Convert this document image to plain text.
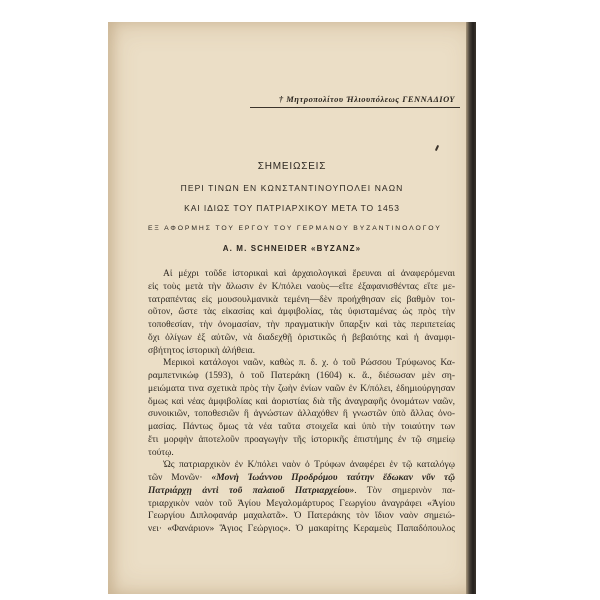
† Μητροπολίτου Ἡλιουπόλεως ΓΕΝΝΑΔΙΟΥ
ΣΗΜΕΙΩΣΕΙΣ
ΠΕΡΙ ΤΙΝΩΝ ΕΝ ΚΩΝΣΤΑΝΤΙΝΟΥΠΟΛΕΙ ΝΑΩΝ
ΚΑΙ ΙΔΙΩΣ ΤΟΥ ΠΑΤΡΙΑΡΧΙΚΟΥ ΜΕΤΑ ΤΟ 1453
ΕΞ ΑΦΟΡΜΗΣ ΤΟΥ ΕΡΓΟΥ ΤΟΥ ΓΕΡΜΑΝΟΥ ΒΥΖΑΝΤΙΝΟΛΟΓΟΥ
A. M. SCHNEIDER «ΒΥΖΑΝΖ»
Αἱ μέχρι τοῦδε ἱστορικαὶ καὶ ἀρχαιολογικαὶ ἔρευναι αἱ ἀναφερόμεναι
εἰς τοὺς μετὰ τὴν ἅλωσιν ἐν Κ/πόλει ναοὺς—εἴτε ἐξαφανισθέντας εἴτε με-
τατραπέντας εἰς μουσουλμανικὰ τεμένη—δὲν προήχθησαν εἰς βαθμὸν τοι-
οῦτον, ὥστε τὰς εἰκασίας καὶ ἀμφιβολίας, τὰς ὑφισταμένας ὡς πρὸς τὴν
τοποθεσίαν, τὴν ὀνομασίαν, τὴν πραγματικὴν ὕπαρξιν καὶ τὰς περιπετείας
ὄχι ὀλίγων ἐξ αὐτῶν, νὰ διαδεχθῇ ὁριστικῶς ἡ βεβαιότης καὶ ἡ ἀναμφι-
σβήτητος ἱστορικὴ ἀλήθεια.
Μερικοὶ κατάλογοι ναῶν, καθὼς π. δ. χ. ὁ τοῦ Ρώσσου Τρύφωνος Κα-
ραμπετνικώφ (1593), ὁ τοῦ Πατεράκη (1604) κ. ἄ., διέσωσαν μὲν ση-
μειώματα τινα σχετικὰ πρὸς τὴν ζωὴν ἐνίων ναῶν ἐν Κ/πόλει, ἐδημιούργησαν
ὅμως καὶ νέας ἀμφιβολίας καὶ ἀοριστίας διὰ τῆς ἀναγραφῆς ὀνομάτων ναῶν,
συνοικιῶν, τοποθεσιῶν ἢ ἀγνώστων ἀλλαχόθεν ἢ γνωστῶν ὑπὸ ἄλλας ὀνο-
μασίας. Πάντως ὅμως τὰ νέα ταῦτα στοιχεῖα καὶ ὑπὸ τὴν τοιαύτην των
ἔτι μορφὴν ἀποτελοῦν προαγωγὴν τῆς ἱστορικῆς ἐπιστήμης ἐν τῷ σημείῳ
τούτῳ.
Ὡς πατριαρχικὸν ἐν Κ/πόλει ναὸν ὁ Τρύφων ἀναφέρει ἐν τῷ καταλόγῳ
τῶν Μονῶν· «Μονὴ Ἰωάννου Προδρόμου ταύτην ἔδωκαν νῦν τῷ
Πατριάρχῃ ἀντὶ τοῦ παλαιοῦ Πατριαρχείου». Τὸν σημερινὸν πα-
τριαρχικὸν ναὸν τοῦ Ἁγίου Μεγαλομάρτυρος Γεωργίου ἀναγράφει «Ἁγίου
Γεωργίου Διπλοφανάρ μαχαλατᾶ». Ὁ Πατεράκης τὸν ἴδιον ναὸν σημειώ-
νει· «Φανάριον» Ἅγιος Γεώργιος». Ὁ μακαρίτης Κεραμεὺς Παπαδόπουλος
